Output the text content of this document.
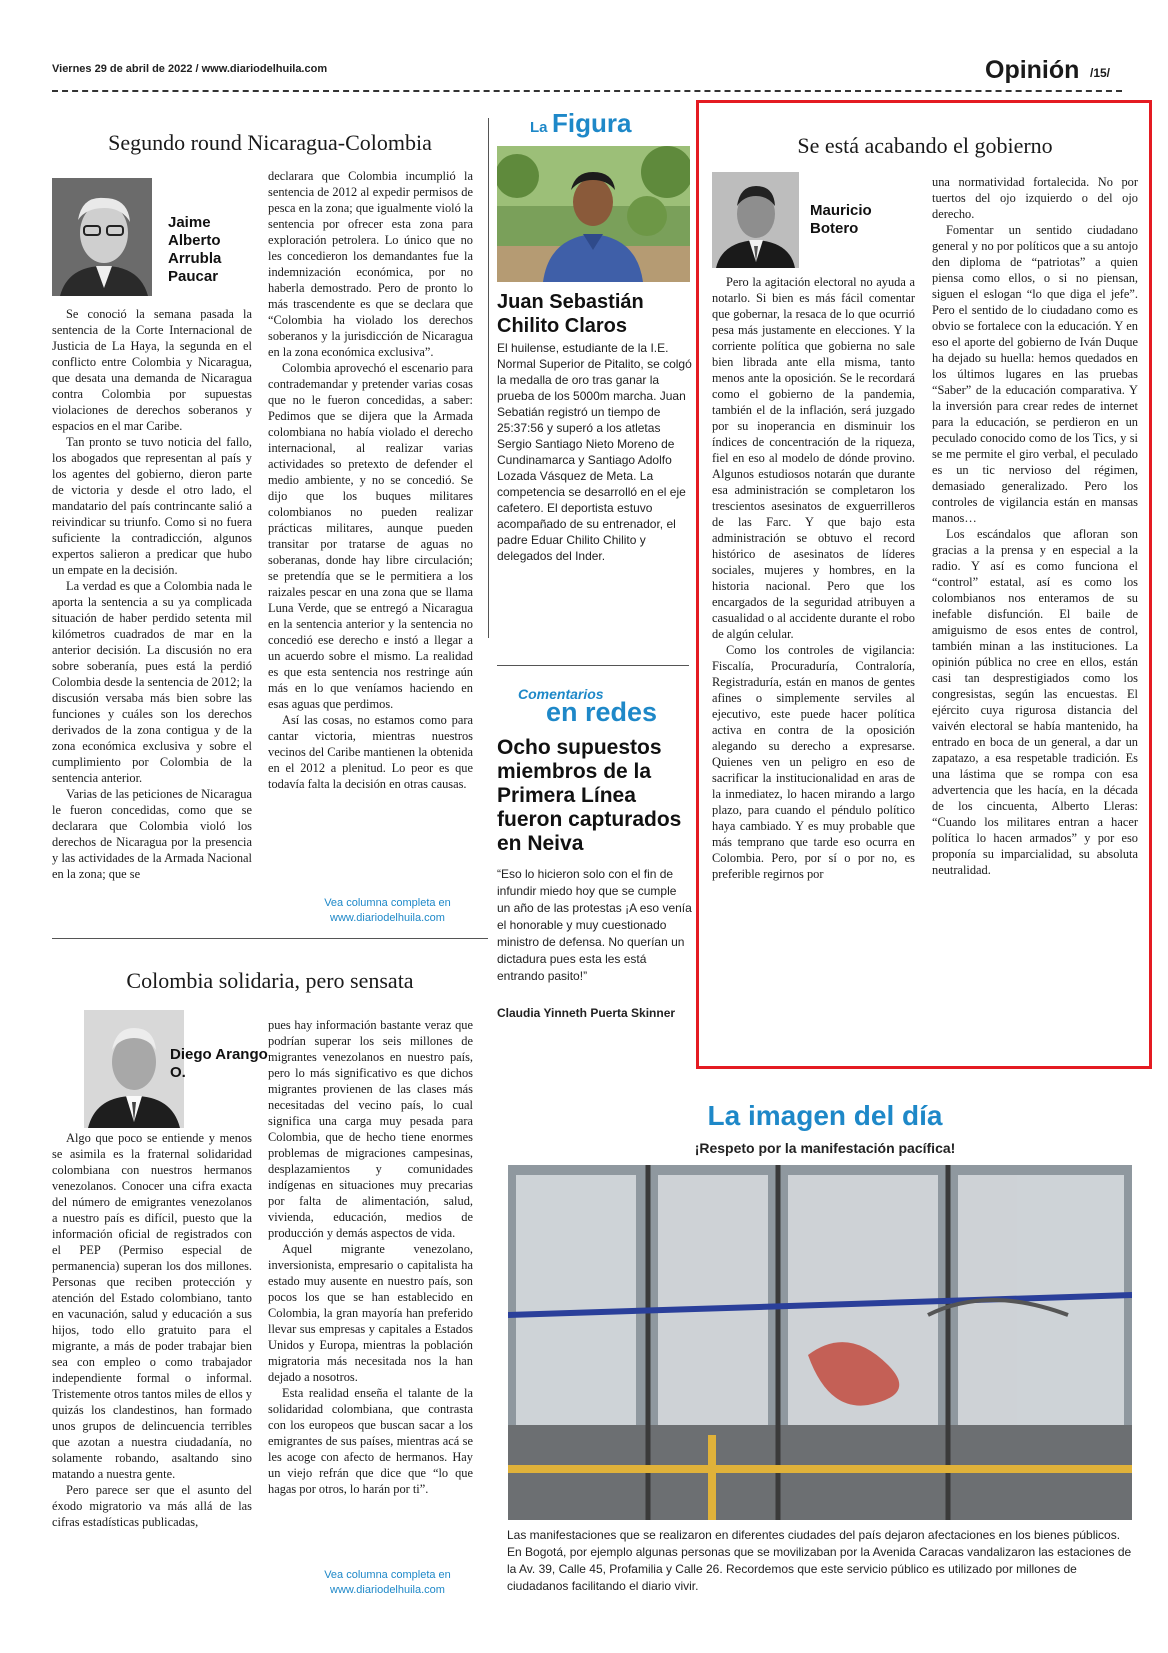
Viernes 29 de abril de 2022 / www.diariodelhuila.com	Opinión /15/
Segundo round Nicaragua-Colombia
Jaime Alberto Arrubla Paucar

Se conoció la semana pasada la sentencia de la Corte Internacional de Justicia de La Haya, la segunda en el conflicto entre Colombia y Nicaragua, que desata una demanda de Nicaragua contra Colombia por supuestas violaciones de derechos soberanos y espacios en el mar Caribe.

Tan pronto se tuvo noticia del fallo, los abogados que representan al país y los agentes del gobierno, dieron parte de victoria y desde el otro lado, el mandatario del país contrincante salió a reivindicar su triunfo. Como si no fuera suficiente la contradicción, algunos expertos salieron a predicar que hubo un empate en la decisión.

La verdad es que a Colombia nada le aporta la sentencia a su ya complicada situación de haber perdido setenta mil kilómetros cuadrados de mar en la anterior decisión. La discusión no era sobre soberanía, pues está la perdió Colombia desde la sentencia de 2012; la discusión versaba más bien sobre las funciones y cuáles son los derechos derivados de la zona contigua y de la zona económica exclusiva y sobre el cumplimiento por Colombia de la sentencia anterior.

Varias de las peticiones de Nicaragua le fueron concedidas, como que se declarara que Colombia violó los derechos de Nicaragua por la presencia y las actividades de la Armada Nacional en la zona; que se

declarara que Colombia incumplió la sentencia de 2012 al expedir permisos de pesca en la zona; que igualmente violó la sentencia por ofrecer esta zona para exploración petrolera. Lo único que no les concedieron los demandantes fue la indemnización económica, por no haberla demostrado. Pero de pronto lo más trascendente es que se declara que “Colombia ha violado los derechos soberanos y la jurisdicción de Nicaragua en la zona económica exclusiva”.

Colombia aprovechó el escenario para contrademandar y pretender varias cosas que no le fueron concedidas, a saber: Pedimos que se dijera que la Armada colombiana no había violado el derecho internacional, al realizar varias actividades so pretexto de defender el medio ambiente, y no se concedió. Se dijo que los buques militares colombianos no pueden realizar prácticas militares, aunque pueden transitar por tratarse de aguas no soberanas, donde hay libre circulación; se pretendía que se le permitiera a los raizales pescar en una zona que se llama Luna Verde, que se entregó a Nicaragua en la sentencia anterior y la sentencia no concedió ese derecho e instó a llegar a un acuerdo sobre el mismo. La realidad es que esta sentencia nos restringe aún más en lo que veníamos haciendo en esas aguas que perdimos.

Así las cosas, no estamos como para cantar victoria, mientras nuestros vecinos del Caribe mantienen la obtenida en el 2012 a plenitud. Lo peor es que todavía falta la decisión en otras causas.

Vea columna completa en
www.diariodelhuila.com
Colombia solidaria, pero sensata
Diego Arango O.

Algo que poco se entiende y menos se asimila es la fraternal solidaridad colombiana con nuestros hermanos venezolanos. Conocer una cifra exacta del número de emigrantes venezolanos a nuestro país es difícil, puesto que la información oficial de registrados con el PEP (Permiso especial de permanencia) superan los dos millones. Personas que reciben protección y atención del Estado colombiano, tanto en vacunación, salud y educación a sus hijos, todo ello gratuito para el migrante, a más de poder trabajar bien sea con empleo o como trabajador independiente formal o informal. Tristemente otros tantos miles de ellos y quizás los clandestinos, han formado unos grupos de delincuencia terribles que azotan a nuestra ciudadanía, no solamente robando, asaltando sino matando a nuestra gente.

Pero parece ser que el asunto del éxodo migratorio va más allá de las cifras estadísticas publicadas,

pues hay información bastante veraz que podrían superar los seis millones de migrantes venezolanos en nuestro país, pero lo más significativo es que dichos migrantes provienen de las clases más necesitadas del vecino país, lo cual significa una carga muy pesada para Colombia, que de hecho tiene enormes problemas de migraciones campesinas, desplazamientos y comunidades indígenas en situaciones muy precarias por falta de alimentación, salud, vivienda, educación, medios de producción y demás aspectos de vida.

Aquel migrante venezolano, inversionista, empresario o capitalista ha estado muy ausente en nuestro país, son pocos los que se han establecido en Colombia, la gran mayoría han preferido llevar sus empresas y capitales a Estados Unidos y Europa, mientras la población migratoria más necesitada nos la han dejado a nosotros.

Esta realidad enseña el talante de la solidaridad colombiana, que contrasta con los europeos que buscan sacar a los emigrantes de sus países, mientras acá se les acoge con afecto de hermanos. Hay un viejo refrán que dice que “lo que hagas por otros, lo harán por ti”.

Vea columna completa en
www.diariodelhuila.com
La Figura
Juan Sebastián Chilito Claros
El huilense, estudiante de la I.E. Normal Superior de Pitalito, se colgó la medalla de oro tras ganar la prueba de los 5000m marcha. Juan Sebatián registró un tiempo de 25:37:56 y superó a los atletas Sergio Santiago Nieto Moreno de Cundinamarca y Santiago Adolfo Lozada Vásquez de Meta. La competencia se desarrolló en el eje cafetero. El deportista estuvo acompañado de su entrenador, el padre Eduar Chilito Chilito y delegados del Inder.
Comentarios
en redes
Ocho supuestos miembros de la Primera Línea fueron capturados en Neiva
“Eso lo hicieron solo con el fin de infundir miedo hoy que se cumple un año de las protestas ¡A eso venía el honorable y muy cuestionado ministro de defensa. No querían un dictadura pues esta les está entrando pasito!”
Claudia Yinneth Puerta Skinner
Se está acabando el gobierno
Mauricio Botero

Pero la agitación electoral no ayuda a notarlo. Si bien es más fácil comentar que gobernar, la resaca de lo que ocurrió pesa más justamente en elecciones. Y la corriente política que gobierna no sale bien librada ante ella misma, tanto menos ante la oposición. Se le recordará como el gobierno de la pandemia, también el de la inflación, será juzgado por su inoperancia en disminuir los índices de concentración de la riqueza, fiel en eso al modelo de dónde provino. Algunos estudiosos notarán que durante esa administración se completaron los trescientos asesinatos de exguerrilleros de las Farc. Y que bajo esta administración se obtuvo el record histórico de asesinatos de líderes sociales, mujeres y hombres, en la historia nacional. Pero que los encargados de la seguridad atribuyen a casualidad o al accidente durante el robo de algún celular.

Como los controles de vigilancia: Fiscalía, Procuraduría, Contraloría, Registraduría, están en manos de gentes afines o simplemente serviles al ejecutivo, este puede hacer política activa en contra de la oposición alegando su derecho a expresarse. Quienes ven un peligro en eso de sacrificar la institucionalidad en aras de la inmediatez, lo hacen mirando a largo plazo, para cuando el péndulo político haya cambiado. Y es muy probable que más temprano que tarde eso ocurra en Colombia. Pero, por sí o por no, es preferible regirnos por

una normatividad fortalecida. No por tuertos del ojo izquierdo o del ojo derecho.

Fomentar un sentido ciudadano general y no por políticos que a su antojo den diploma de “patriotas” a quien piensa como ellos, o si no piensan, siguen el eslogan “lo que diga el jefe”. Pero el sentido de lo ciudadano como es obvio se fortalece con la educación. Y en eso el aporte del gobierno de Iván Duque ha dejado su huella: hemos quedados en los últimos lugares en las pruebas “Saber” de la educación comparativa. Y la inversión para crear redes de internet para la educación, se perdieron en un peculado conocido como de los Tics, y si se me permite el giro verbal, el peculado es un tic nervioso del régimen, demasiado generalizado. Pero los controles de vigilancia están en mansas manos…

Los escándalos que afloran son gracias a la prensa y en especial a la radio. Y así es como funciona el “control” estatal, así es como los colombianos nos enteramos de su inefable disfunción. El baile de amiguismo de esos entes de control, también minan a las instituciones. La opinión pública no cree en ellos, están casi tan desprestigiados como los congresistas, según las encuestas. El ejército cuya rigurosa distancia del vaivén electoral se había mantenido, ha entrado en boca de un general, a dar un zapatazo, a esa respetable tradición. Es una lástima que se rompa con esa advertencia que les hacía, en la década de los cincuenta, Alberto Lleras: “Cuando los militares entran a hacer política lo hacen armados” y por eso proponía su imparcialidad, su absoluta neutralidad.

La imagen del día
¡Respeto por la manifestación pacífica!
Las manifestaciones que se realizaron en diferentes ciudades del país dejaron afectaciones en los bienes públicos. En Bogotá, por ejemplo algunas personas que se movilizaban por la Avenida Caracas vandalizaron las estaciones de la Av. 39, Calle 45, Profamilia y Calle 26. Recordemos que este servicio público es utilizado por millones de ciudadanos facilitando el diario vivir.
